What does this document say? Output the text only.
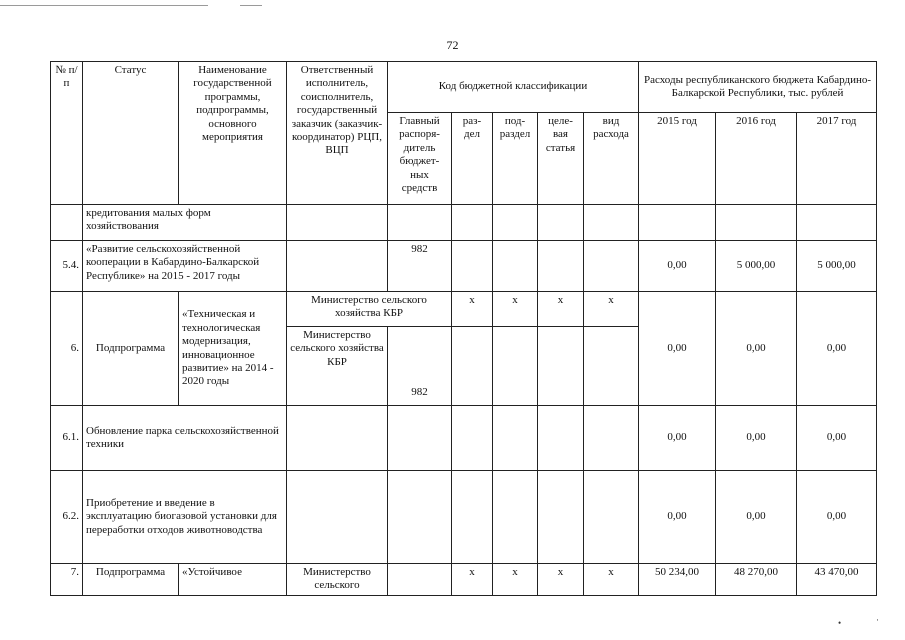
72
№ п/п	Статус	Наименование государственной программы, подпрограммы, основного мероприятия	Ответственный исполнитель, соисполнитель, государственный заказчик (заказчик-координатор) РЦП, ВЦП	Код бюджетной классификации					Расходы республиканского бюджета Кабардино-Балкарской Республики, тыс. рублей		
				Главный распоря-дитель бюджет-ных средств	раз-дел	под-раздел	целе-вая статья	вид расхода	2015 год	2016 год	2017 год
	кредитования малых форм хозяйствования										
5.4.	«Развитие сельскохозяйственной кооперации в Кабардино-Балкарской Республике» на 2015 - 2017 годы			982					0,00	5 000,00	5 000,00
6.	Подпрограмма	«Техническая и технологическая модернизация, инновационное развитие» на 2014 - 2020 годы	Министерство сельского хозяйства КБР		x	x	x	x	0,00	0,00	0,00
			Министерство сельского хозяйства КБР	982							
6.1.	Обновление парка сельскохозяйственной техники								0,00	0,00	0,00
6.2.	Приобретение и введение в эксплуатацию биогазовой установки для переработки отходов животноводства								0,00	0,00	0,00
7.	Подпрограмма	«Устойчивое	Министерство сельского		x	x	x	x	50 234,00	48 270,00	43 470,00
•	·
